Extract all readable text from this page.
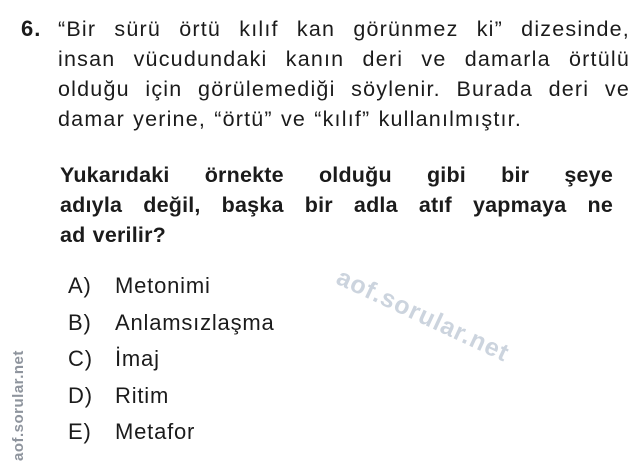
6. “Bir sürü örtü kılıf kan görünmez ki” dizesinde,
insan vücudundaki kanın deri ve damarla örtülü
olduğu için görülemediği söylenir. Burada deri ve
damar yerine, “örtü” ve “kılıf” kullanılmıştır.
Yukarıdaki örnekte olduğu gibi bir şeye
adıyla değil, başka bir adla atıf yapmaya ne
ad verilir?
A)	Metonimi
B)	Anlamsızlaşma
C)	İmaj
D)	Ritim
E)	Metafor
aof.sorular.net
aof.sorular.net
